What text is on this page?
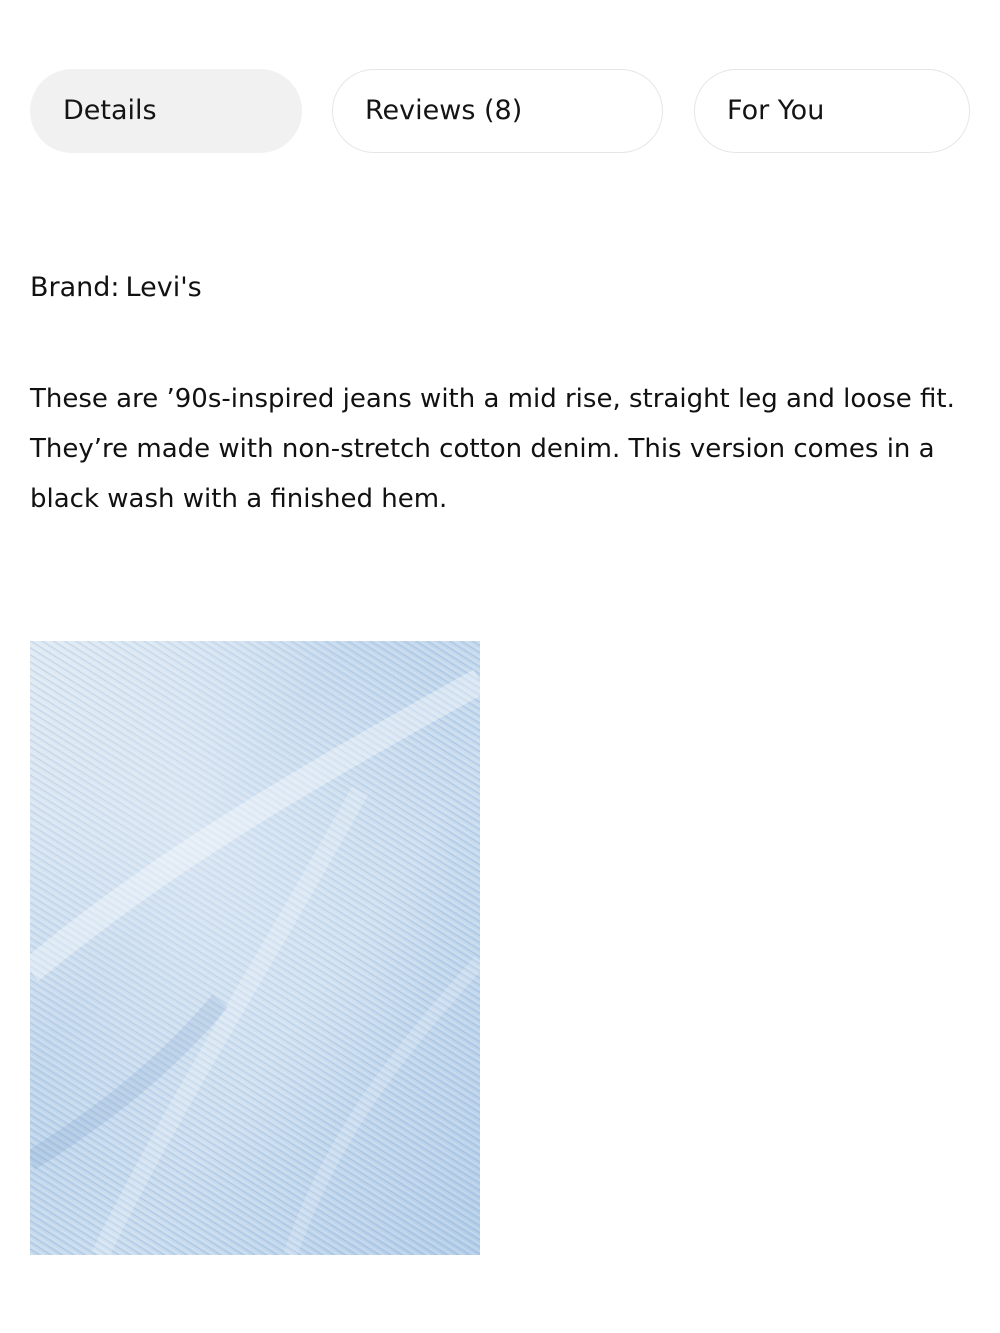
Details	Reviews (8)	For You
Brand: Levi's

These are ’90s-inspired jeans with a mid rise, straight leg and loose fit. They’re made with non-stretch cotton denim. This version comes in a black wash with a finished hem.
